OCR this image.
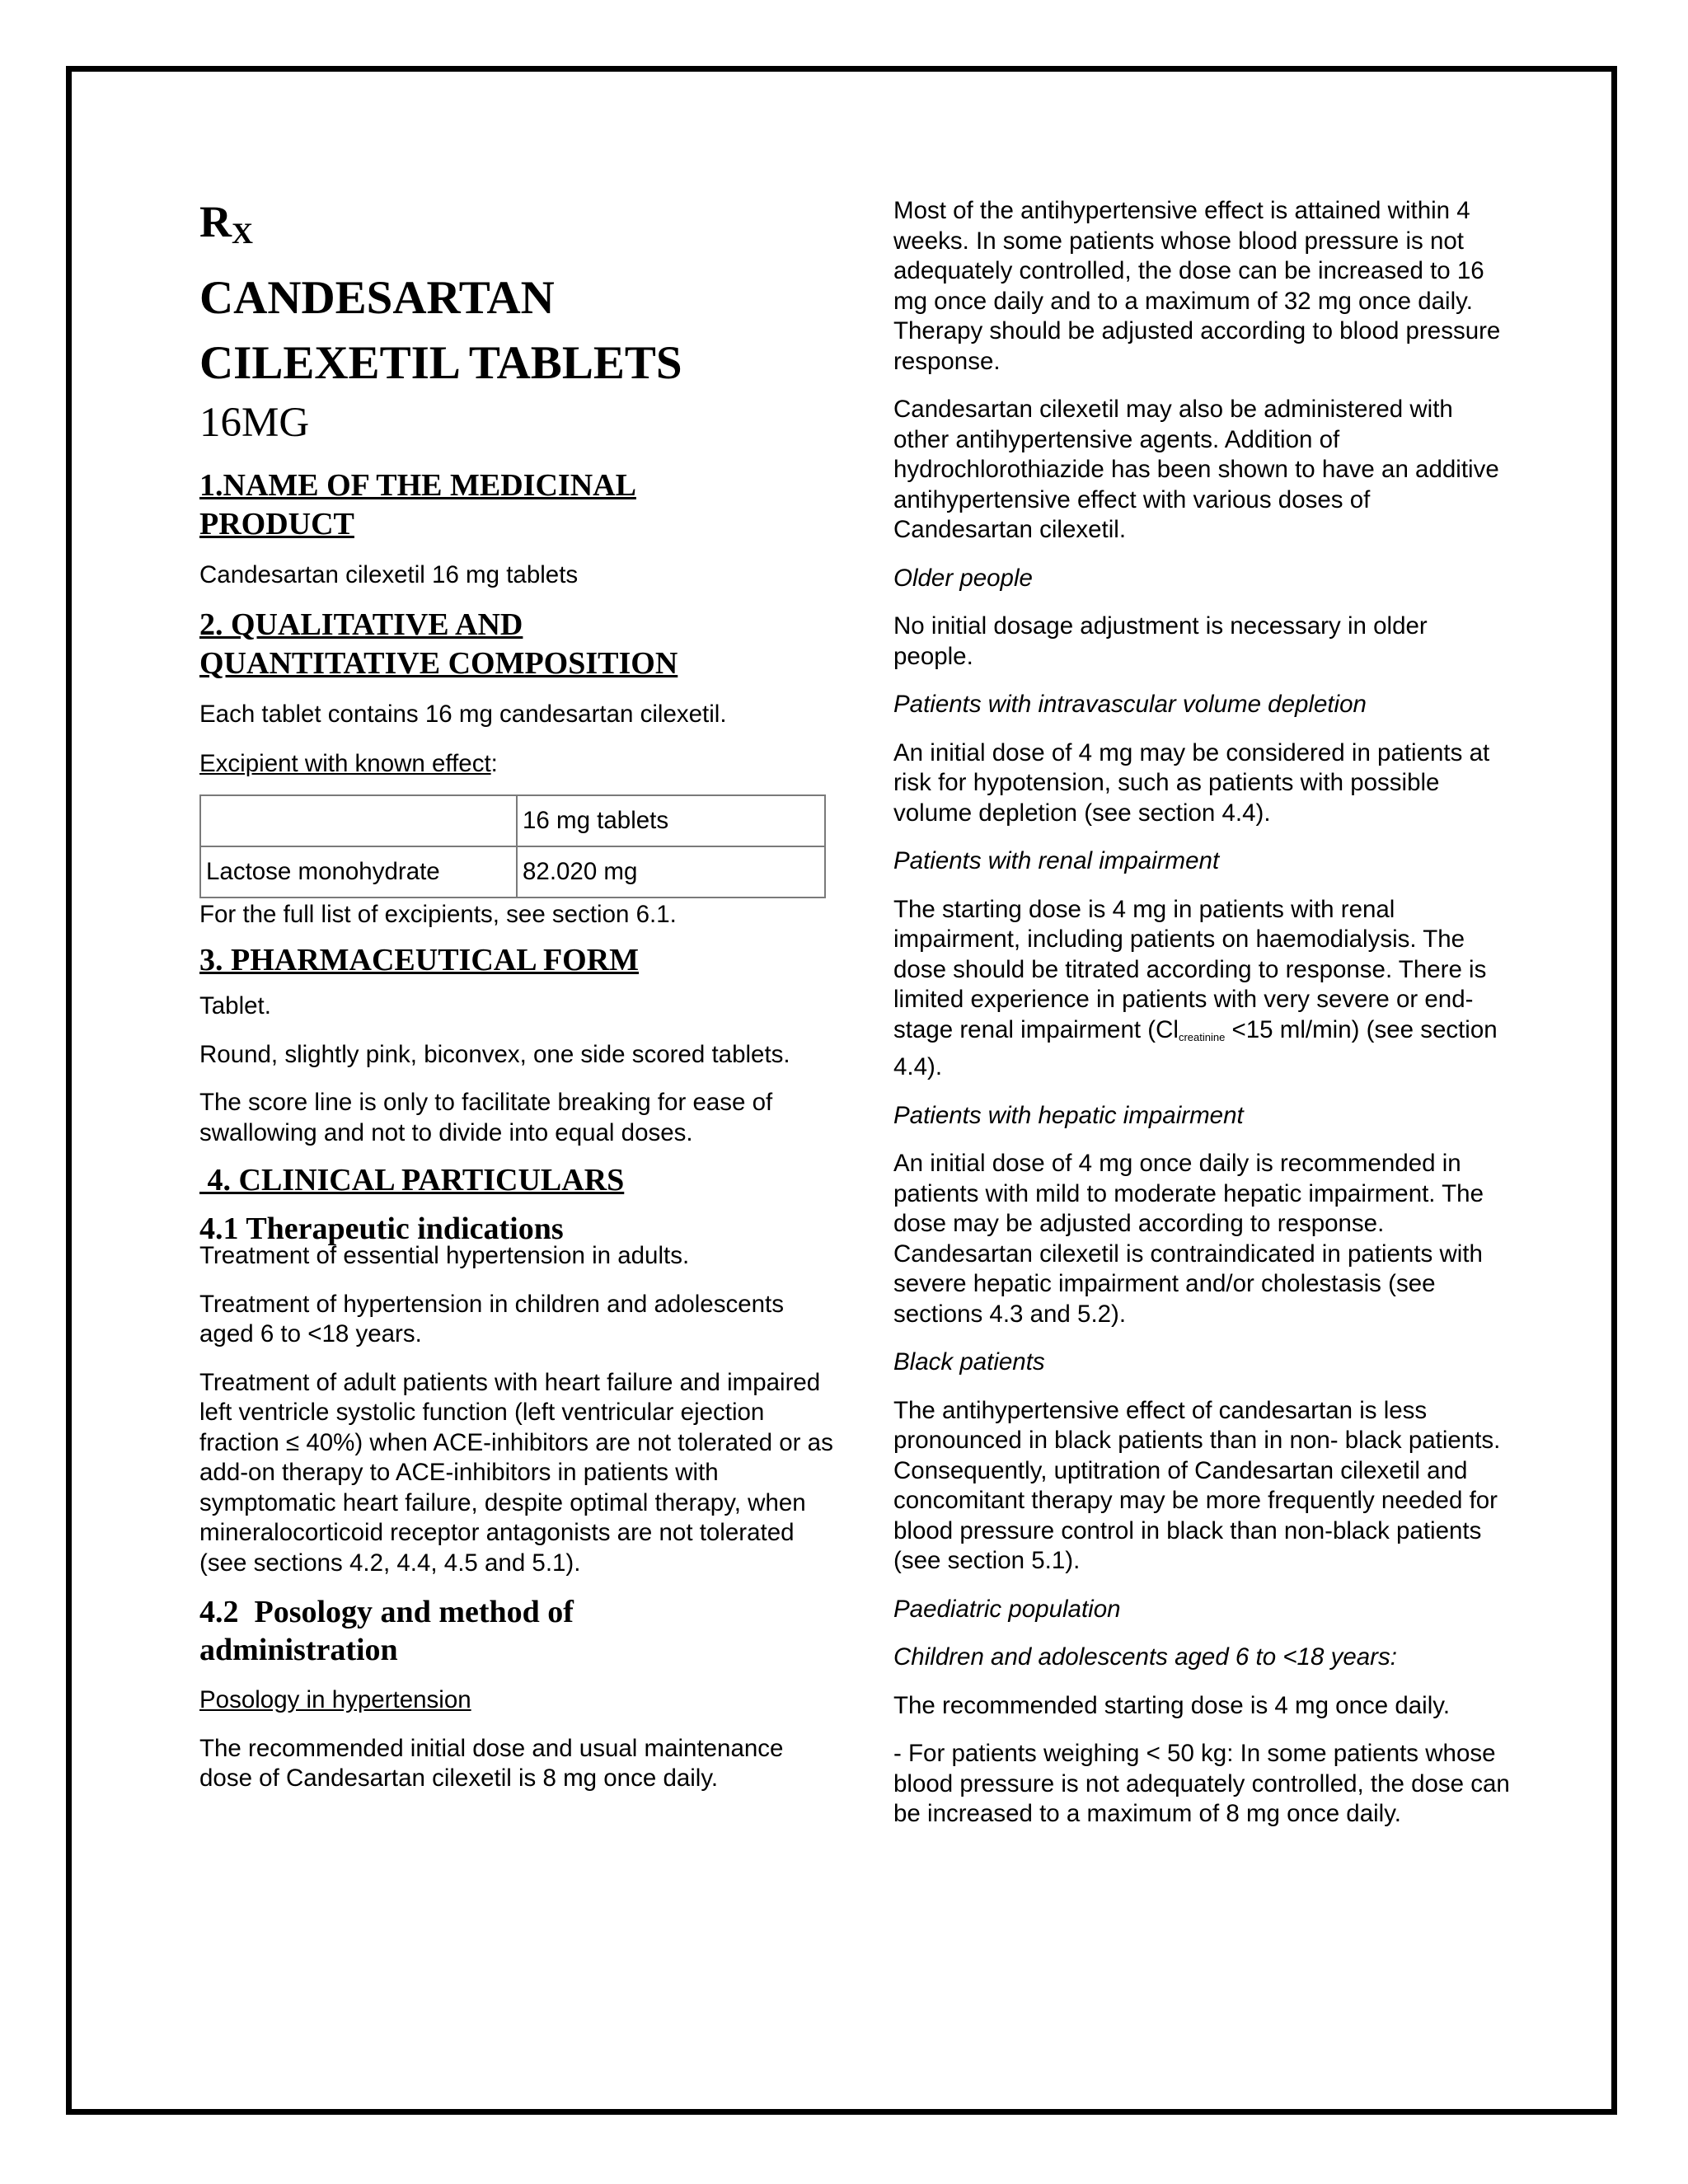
$R_X$
CANDESARTAN
CILEXETIL TABLETS
16MG
1.NAME OF THE MEDICINAL
PRODUCT

Candesartan cilexetil 16 mg tablets

2. QUALITATIVE AND
QUANTITATIVE COMPOSITION

Each tablet contains 16 mg candesartan cilexetil.

Excipient with known effect:

	16 mg tablets
Lactose monohydrate	82.020 mg

For the full list of excipients, see section 6.1.

3. PHARMACEUTICAL FORM

Tablet.

Round, slightly pink, biconvex, one side scored tablets.

The score line is only to facilitate breaking for ease of swallowing and not to divide into equal doses.

4. CLINICAL PARTICULARS
4.1 Therapeutic indications

Treatment of essential hypertension in adults.

Treatment of hypertension in children and adolescents aged 6 to <18 years.

Treatment of adult patients with heart failure and impaired left ventricle systolic function (left ventricular ejection fraction ≤ 40%) when ACE-inhibitors are not tolerated or as add-on therapy to ACE-inhibitors in patients with symptomatic heart failure, despite optimal therapy, when mineralocorticoid receptor antagonists are not tolerated (see sections 4.2, 4.4, 4.5 and 5.1).

4.2  Posology and method of
administration

Posology in hypertension

The recommended initial dose and usual maintenance dose of Candesartan cilexetil is 8 mg once daily.

Most of the antihypertensive effect is attained within 4 weeks. In some patients whose blood pressure is not adequately controlled, the dose can be increased to 16 mg once daily and to a maximum of 32 mg once daily. Therapy should be adjusted according to blood pressure response.

Candesartan cilexetil may also be administered with other antihypertensive agents. Addition of hydrochlorothiazide has been shown to have an additive antihypertensive effect with various doses of Candesartan cilexetil.

Older people

No initial dosage adjustment is necessary in older people.

Patients with intravascular volume depletion

An initial dose of 4 mg may be considered in patients at risk for hypotension, such as patients with possible volume depletion (see section 4.4).

Patients with renal impairment

The starting dose is 4 mg in patients with renal impairment, including patients on haemodialysis. The dose should be titrated according to response. There is limited experience in patients with very severe or end-stage renal impairment ($Cl_{creatinine} <15$ ml/min) (see section 4.4).

Patients with hepatic impairment

An initial dose of 4 mg once daily is recommended in patients with mild to moderate hepatic impairment. The dose may be adjusted according to response. Candesartan cilexetil is contraindicated in patients with severe hepatic impairment and/or cholestasis (see sections 4.3 and 5.2).

Black patients

The antihypertensive effect of candesartan is less pronounced in black patients than in non- black patients. Consequently, uptitration of Candesartan cilexetil and concomitant therapy may be more frequently needed for blood pressure control in black than non-black patients (see section 5.1).

Paediatric population

Children and adolescents aged 6 to <18 years:

The recommended starting dose is 4 mg once daily.

- For patients weighing < 50 kg: In some patients whose blood pressure is not adequately controlled, the dose can be increased to a maximum of 8 mg once daily.
